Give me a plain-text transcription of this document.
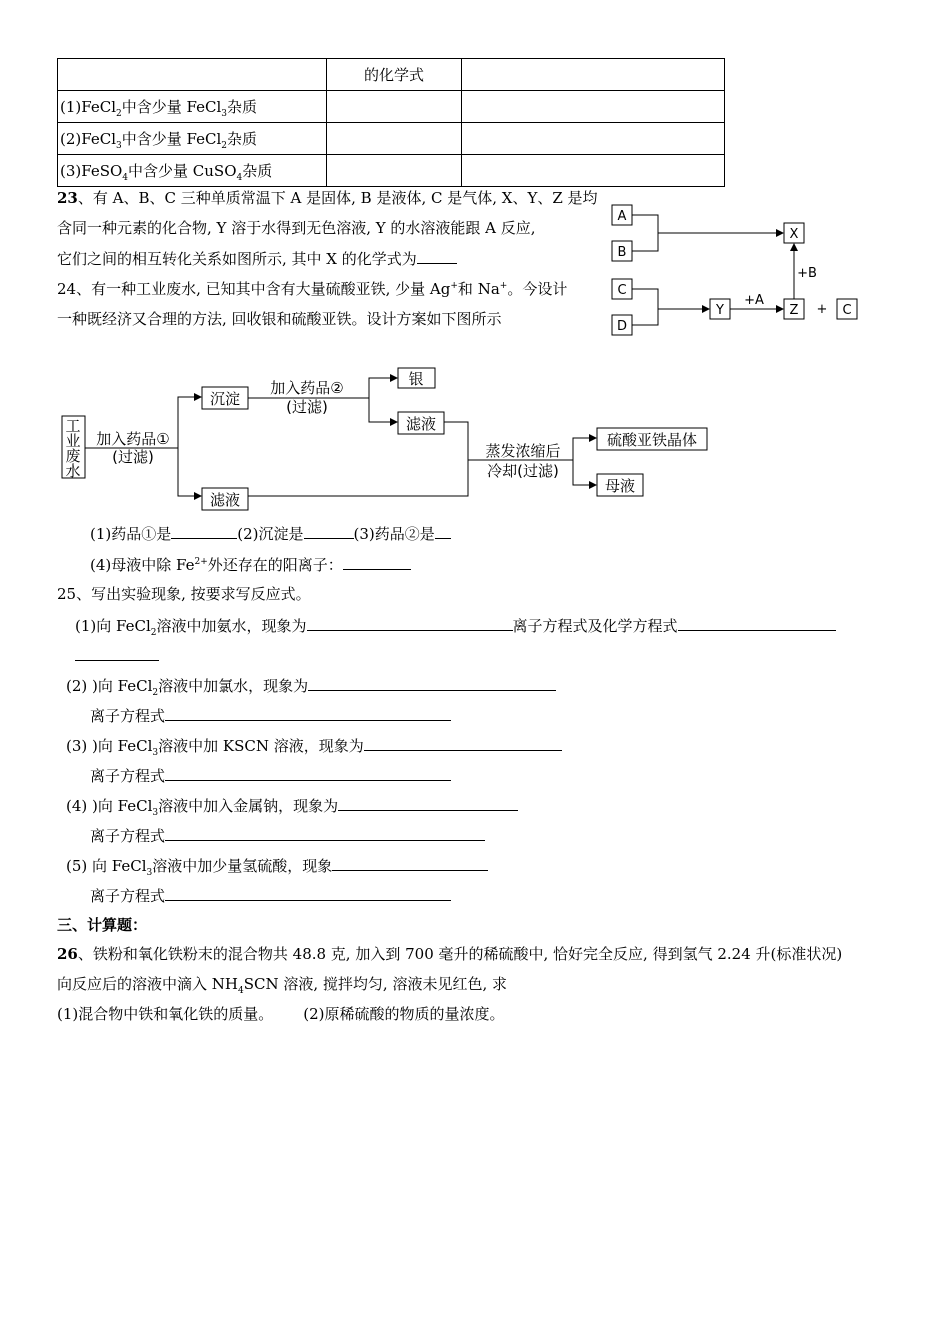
	的化学式	
(1)FeCl$_2$中含少量 FeCl$_3$杂质		
(2)FeCl$_3$中含少量 FeCl$_2$杂质		
(3)FeSO$_4$中含少量 CuSO$_4$杂质		
23、有 A、B、C 三种单质常温下 A 是固体, B 是液体, C 是气体, X、Y、Z 是均
含同一种元素的化合物, Y 溶于水得到无色溶液, Y 的水溶液能跟 A 反应,
它们之间的相互转化关系如图所示, 其中 X 的化学式为
A
B
C
D
X
Y	Z	C
+B
+A
+
24、有一种工业废水, 已知其中含有大量硫酸亚铁, 少量 Ag+和 Na+。今设计
一种既经济又合理的方法, 回收银和硫酸亚铁。设计方案如下图所示
工
业
废
水
加入药品①
(过滤)
沉淀
加入药品②
(过滤)
银
滤液
滤液
蒸发浓缩后
冷却(过滤)
硫酸亚铁晶体
母液
(1)药品①是	(2)沉淀是	(3)药品②是
(4)母液中除 $Fe^{2+}$外还存在的阳离子：
25、写出实验现象, 按要求写反应式。
(1)向 FeCl$_2$溶液中加氨水，现象为	离子方程式及化学方程式
(2) )向 FeCl$_2$溶液中加氯水，现象为
离子方程式
(3) )向 FeCl$_3$溶液中加 KSCN 溶液，现象为
离子方程式
(4) )向 FeCl$_3$溶液中加入金属钠，现象为
离子方程式
(5) 向 FeCl$_3$溶液中加少量氢硫酸，现象
离子方程式
三、计算题：
26、铁粉和氧化铁粉末的混合物共 48.8 克, 加入到 700 毫升的稀硫酸中, 恰好完全反应, 得到氢气 2.24 升(标准状况)
向反应后的溶液中滴入 $NH_4SCN$ 溶液, 搅拌均匀, 溶液未见红色, 求
(1)混合物中铁和氧化铁的质量。 (2)原稀硫酸的物质的量浓度。
